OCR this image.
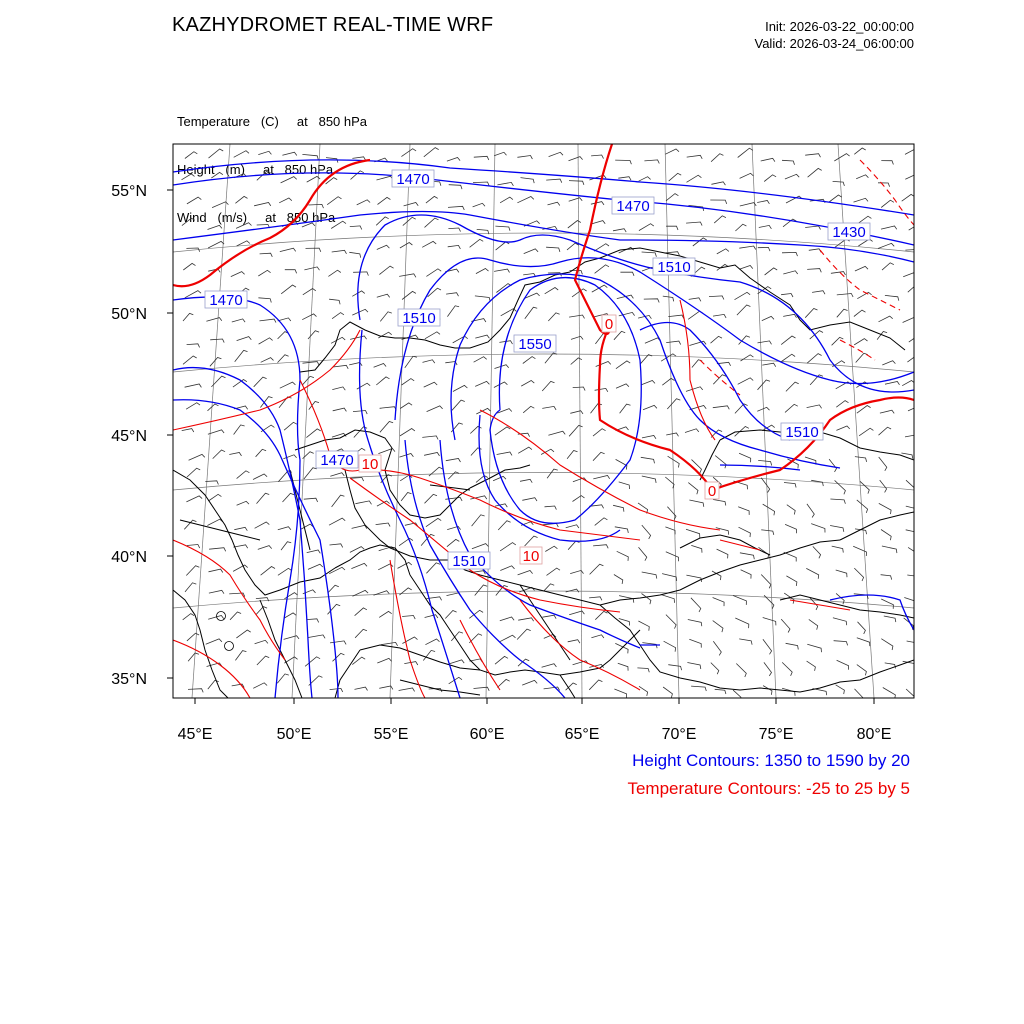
KAZHYDROMET REAL-TIME WRF	Init: 2026-03-22_00:00:00
Valid: 2026-03-24_06:00:00

Temperature   (C)     at   850 hPa

Height   (m)     at   850 hPa

Wind   (m/s)     at   850 hPa

55°N
50°N
45°N
40°N
35°N
45°E	50°E	55°E	60°E	65°E	70°E	75°E	80°E
1470
1470
1430
1510
1470
1510
1550
1510
1470
1510
0
10
0
10
Height Contours: 1350 to 1590 by 20
Temperature Contours: -25 to 25 by 5
